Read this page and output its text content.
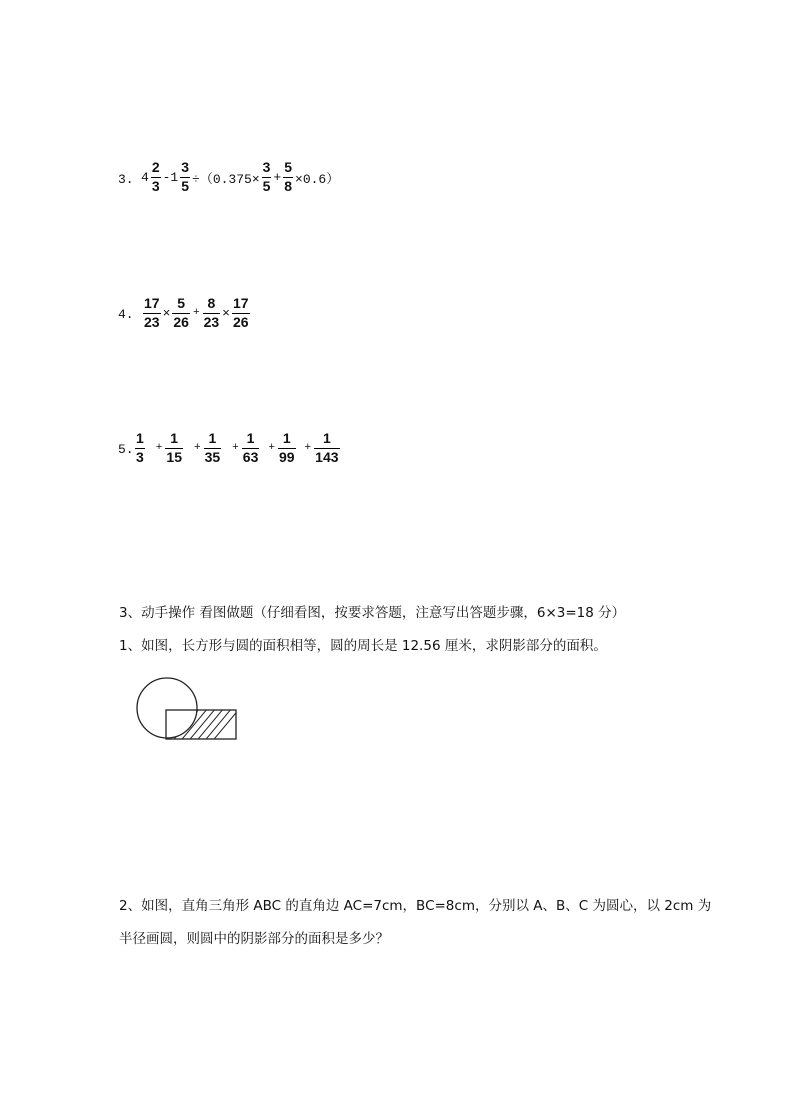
3. $4 \frac{2}{3} -1 \frac{3}{5} \div(0.375\times \frac{3}{5} + \frac{5}{8} \times 0.6)$
4. $\frac{17}{23} \times \frac{5}{26} + \frac{8}{23} \times \frac{17}{26}$
5. $\frac{1}{3} + \frac{1}{15} + \frac{1}{35} + \frac{1}{63} + \frac{1}{99} + \frac{1}{143}$
3、动手操作 看图做题（仔细看图，按要求答题，注意写出答题步骤，6×3=18 分）
1、如图，长方形与圆的面积相等，圆的周长是 12.56 厘米，求阴影部分的面积。
2、如图，直角三角形 ABC 的直角边 AC=7cm，BC=8cm，分别以 A、B、C 为圆心，以 2cm 为
半径画圆，则圆中的阴影部分的面积是多少？
